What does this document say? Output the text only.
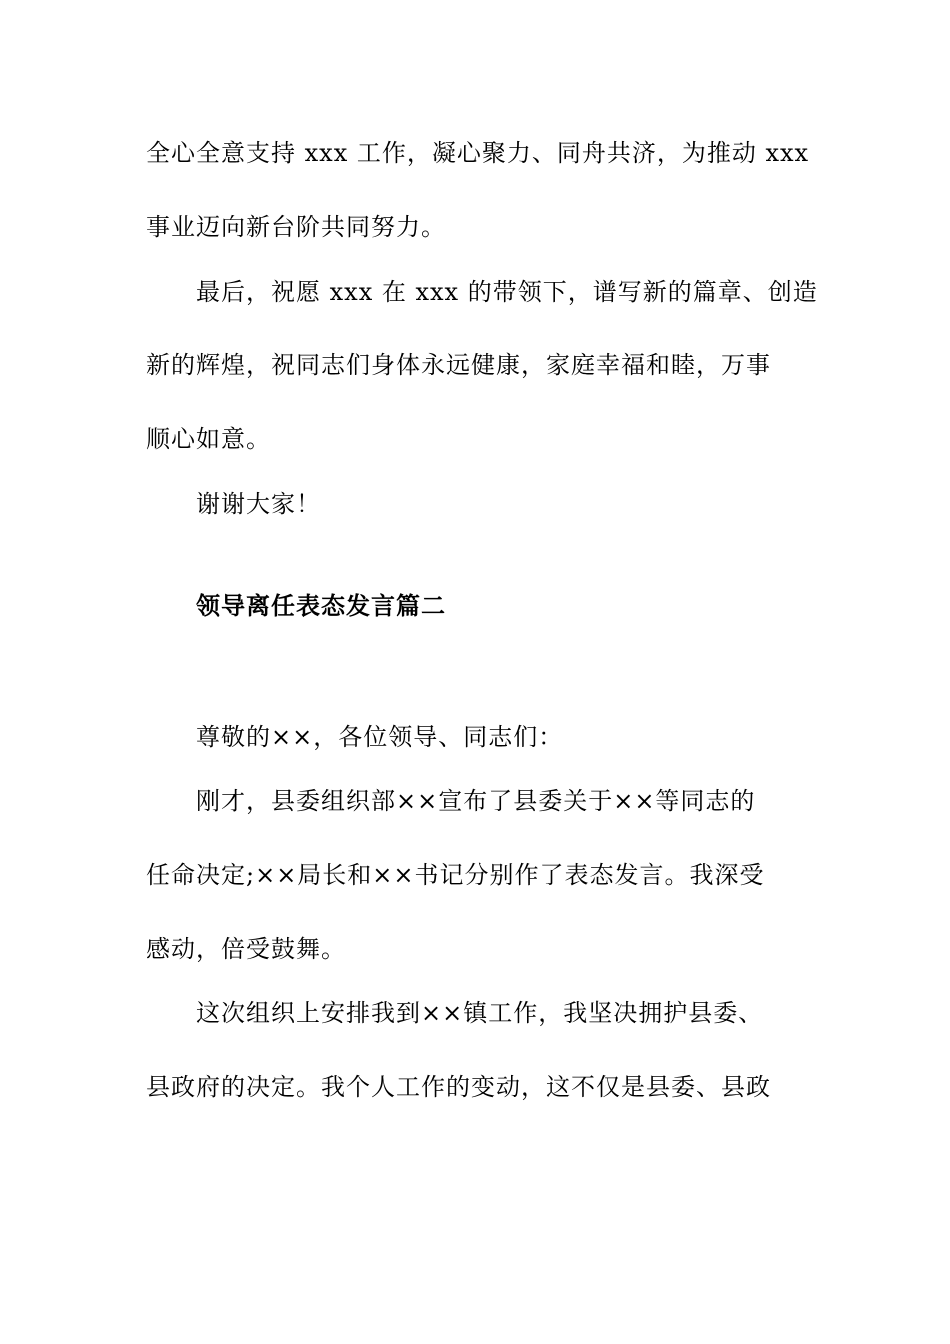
全心全意支持 xxx 工作，凝心聚力、同舟共济，为推动 xxx
事业迈向新台阶共同努力。
最后，祝愿 xxx 在 xxx 的带领下，谱写新的篇章、创造
新的辉煌，祝同志们身体永远健康，家庭幸福和睦，万事
顺心如意。
谢谢大家！
领导离任表态发言篇二
尊敬的××，各位领导、同志们：
刚才，县委组织部××宣布了县委关于××等同志的
任命决定;××局长和××书记分别作了表态发言。我深受
感动，倍受鼓舞。
这次组织上安排我到××镇工作，我坚决拥护县委、
县政府的决定。我个人工作的变动，这不仅是县委、县政
